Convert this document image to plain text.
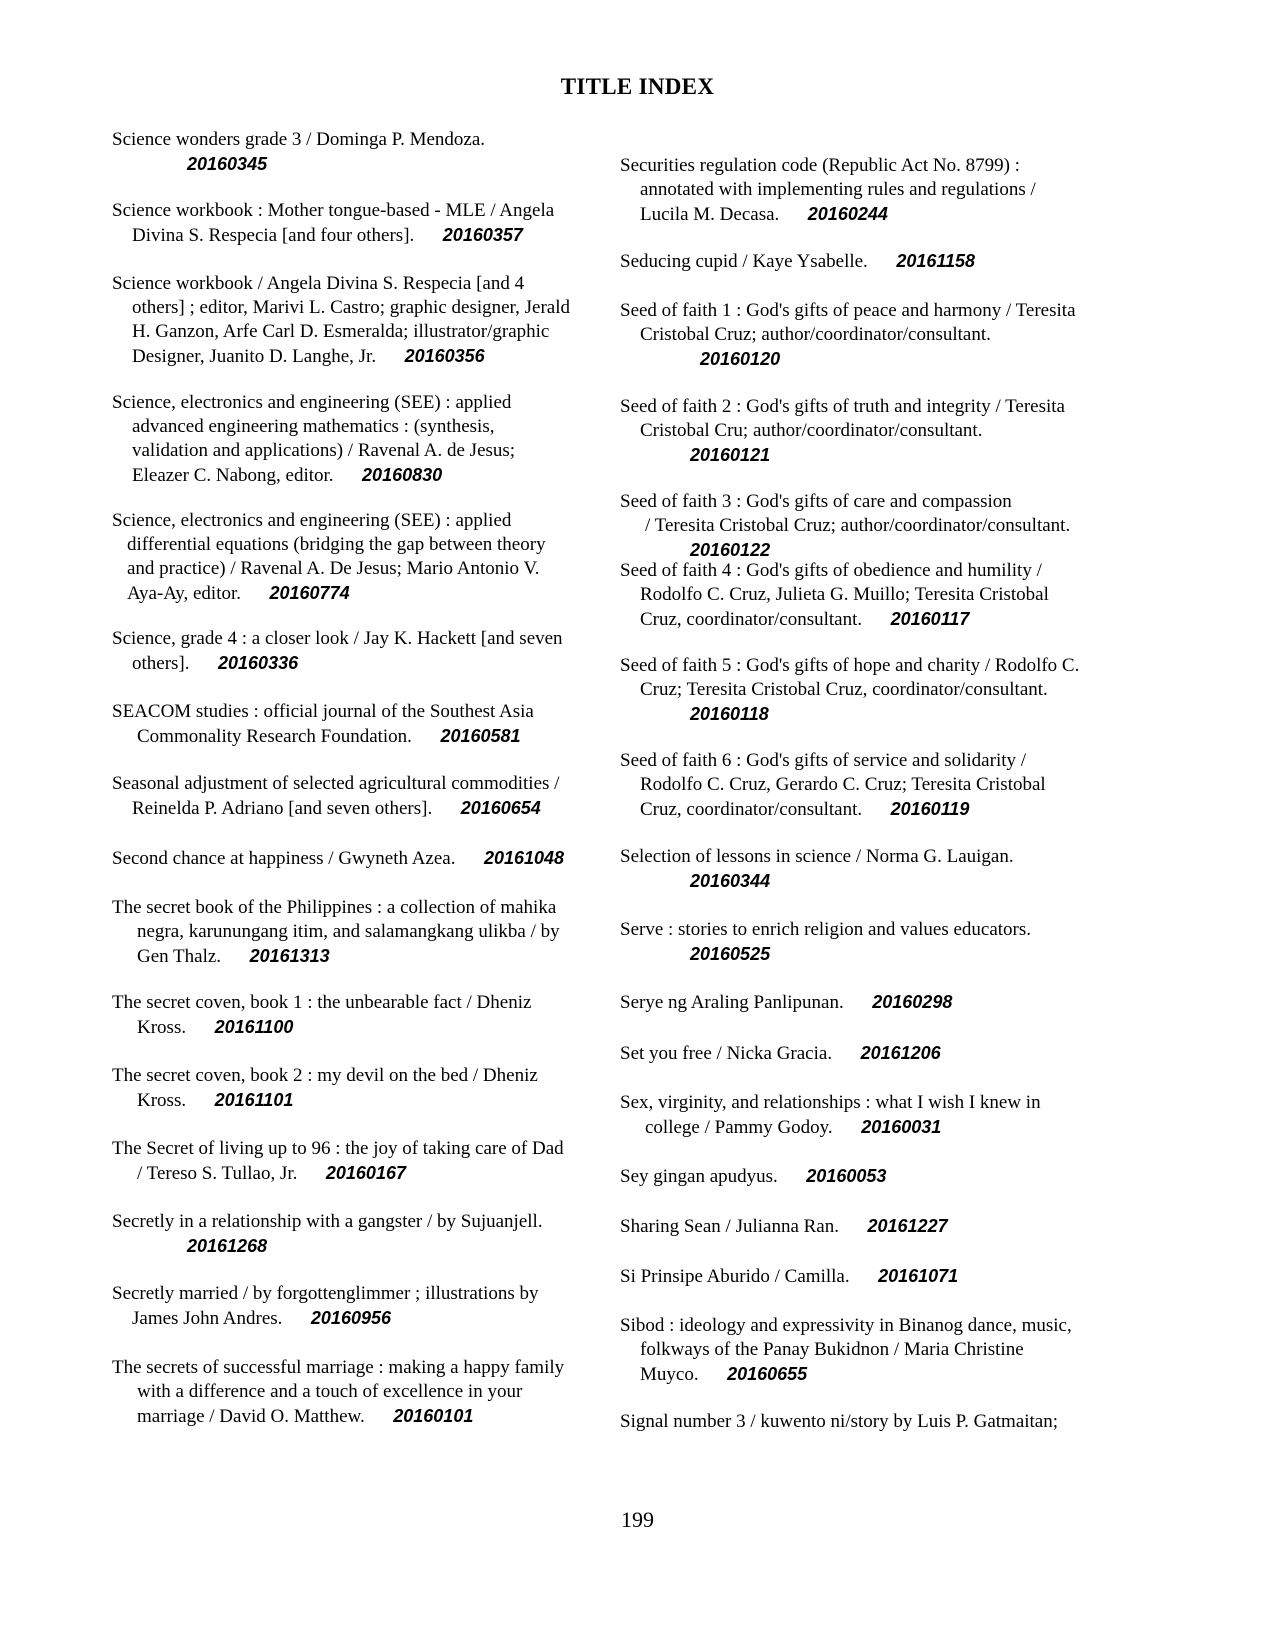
TITLE INDEX
Science wonders grade 3 / Dominga P. Mendoza.
20160345
Science workbook : Mother tongue-based - MLE / Angela
Divina S. Respecia [and four others]. 20160357
Science workbook / Angela Divina S. Respecia [and 4
others] ; editor, Marivi L. Castro; graphic designer, Jerald
H. Ganzon, Arfe Carl D. Esmeralda; illustrator/graphic
Designer, Juanito D. Langhe, Jr. 20160356
Science, electronics and engineering (SEE) : applied
advanced engineering mathematics : (synthesis,
validation and applications) / Ravenal A. de Jesus;
Eleazer C. Nabong, editor. 20160830
Science, electronics and engineering (SEE) : applied
differential equations (bridging the gap between theory
and practice) / Ravenal A. De Jesus; Mario Antonio V.
Aya-Ay, editor. 20160774
Science, grade 4 : a closer look / Jay K. Hackett [and seven
others]. 20160336
SEACOM studies : official journal of the Southest Asia
Commonality Research Foundation. 20160581
Seasonal adjustment of selected agricultural commodities /
Reinelda P. Adriano [and seven others]. 20160654
Second chance at happiness / Gwyneth Azea. 20161048
The secret book of the Philippines : a collection of mahika
negra, karunungang itim, and salamangkang ulikba / by
Gen Thalz. 20161313
The secret coven, book 1 : the unbearable fact / Dheniz
Kross. 20161100
The secret coven, book 2 : my devil on the bed / Dheniz
Kross. 20161101
The Secret of living up to 96 : the joy of taking care of Dad
/ Tereso S. Tullao, Jr. 20160167
Secretly in a relationship with a gangster / by Sujuanjell.
20161268
Secretly married / by forgottenglimmer ; illustrations by
James John Andres. 20160956
The secrets of successful marriage : making a happy family
with a difference and a touch of excellence in your
marriage / David O. Matthew. 20160101
Securities regulation code (Republic Act No. 8799) :
annotated with implementing rules and regulations /
Lucila M. Decasa. 20160244
Seducing cupid / Kaye Ysabelle. 20161158
Seed of faith 1 : God's gifts of peace and harmony / Teresita
Cristobal Cruz; author/coordinator/consultant.
20160120
Seed of faith 2 : God's gifts of truth and integrity / Teresita
Cristobal Cru; author/coordinator/consultant.
20160121
Seed of faith 3 : God's gifts of care and compassion
/ Teresita Cristobal Cruz; author/coordinator/consultant.
20160122
Seed of faith 4 : God's gifts of obedience and humility /
Rodolfo C. Cruz, Julieta G. Muillo; Teresita Cristobal
Cruz, coordinator/consultant. 20160117
Seed of faith 5 : God's gifts of hope and charity / Rodolfo C.
Cruz; Teresita Cristobal Cruz, coordinator/consultant.
20160118
Seed of faith 6 : God's gifts of service and solidarity /
Rodolfo C. Cruz, Gerardo C. Cruz; Teresita Cristobal
Cruz, coordinator/consultant. 20160119
Selection of lessons in science / Norma G. Lauigan.
20160344
Serve : stories to enrich religion and values educators.
20160525
Serye ng Araling Panlipunan. 20160298
Set you free / Nicka Gracia. 20161206
Sex, virginity, and relationships : what I wish I knew in
college / Pammy Godoy. 20160031
Sey gingan apudyus. 20160053
Sharing Sean / Julianna Ran. 20161227
Si Prinsipe Aburido / Camilla. 20161071
Sibod : ideology and expressivity in Binanog dance, music,
folkways of the Panay Bukidnon / Maria Christine
Muyco. 20160655
Signal number 3 / kuwento ni/story by Luis P. Gatmaitan;
199
